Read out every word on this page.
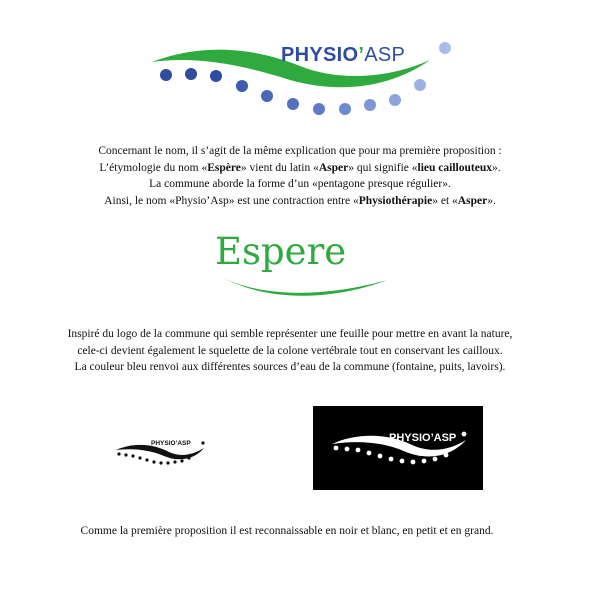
PHYSIO’ASP
Concernant le nom, il s’agit de la même explication que pour ma première proposition :
L’étymologie du nom «Espère» vient du latin «Asper» qui signifie «lieu caillouteux».
La commune aborde la forme d’un «pentagone presque régulier».
Ainsi, le nom «Physio’Asp» est une contraction entre «Physiothérapie» et «Asper».
Espere
Inspiré du logo de la commune qui semble représenter une feuille pour mettre en avant la nature,
cele-ci devient également le squelette de la colone vertébrale tout en conservant les cailloux.
La couleur bleu renvoi aux différentes sources d’eau de la commune (fontaine, puits, lavoirs).
PHYSIO’ASP	PHYSIO’ASP
Comme la première proposition il est reconnaissable en noir et blanc, en petit et en grand.
